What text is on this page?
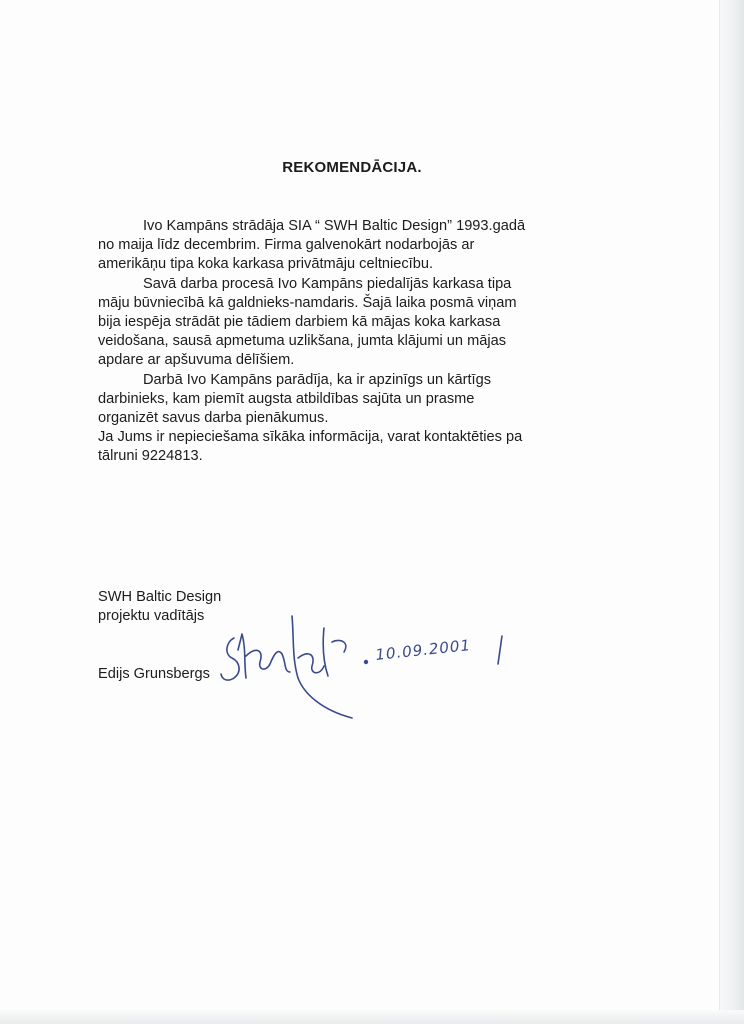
REKOMENDĀCIJA.
Ivo Kampāns strādāja SIA “ SWH Baltic Design” 1993.gadā
no maija līdz decembrim. Firma galvenokārt nodarbojās ar
amerikāņu tipa koka karkasa privātmāju celtniecību.
Savā darba procesā Ivo Kampāns piedalījās karkasa tipa
māju būvniecībā kā galdnieks-namdaris. Šajā laika posmā viņam
bija iespēja strādāt pie tādiem darbiem kā mājas koka karkasa
veidošana, sausā apmetuma uzlikšana, jumta klājumi un mājas
apdare ar apšuvuma dēlīšiem.
Darbā Ivo Kampāns parādīja, ka ir apzinīgs un kārtīgs
darbinieks, kam piemīt augsta atbildības sajūta un prasme
organizēt savus darba pienākumus.
Ja Jums ir nepieciešama sīkāka informācija, varat kontaktēties pa
tālruni 9224813.
SWH Baltic Design
projektu vadītājs
Edijs Grunsbergs
10.09.2001
